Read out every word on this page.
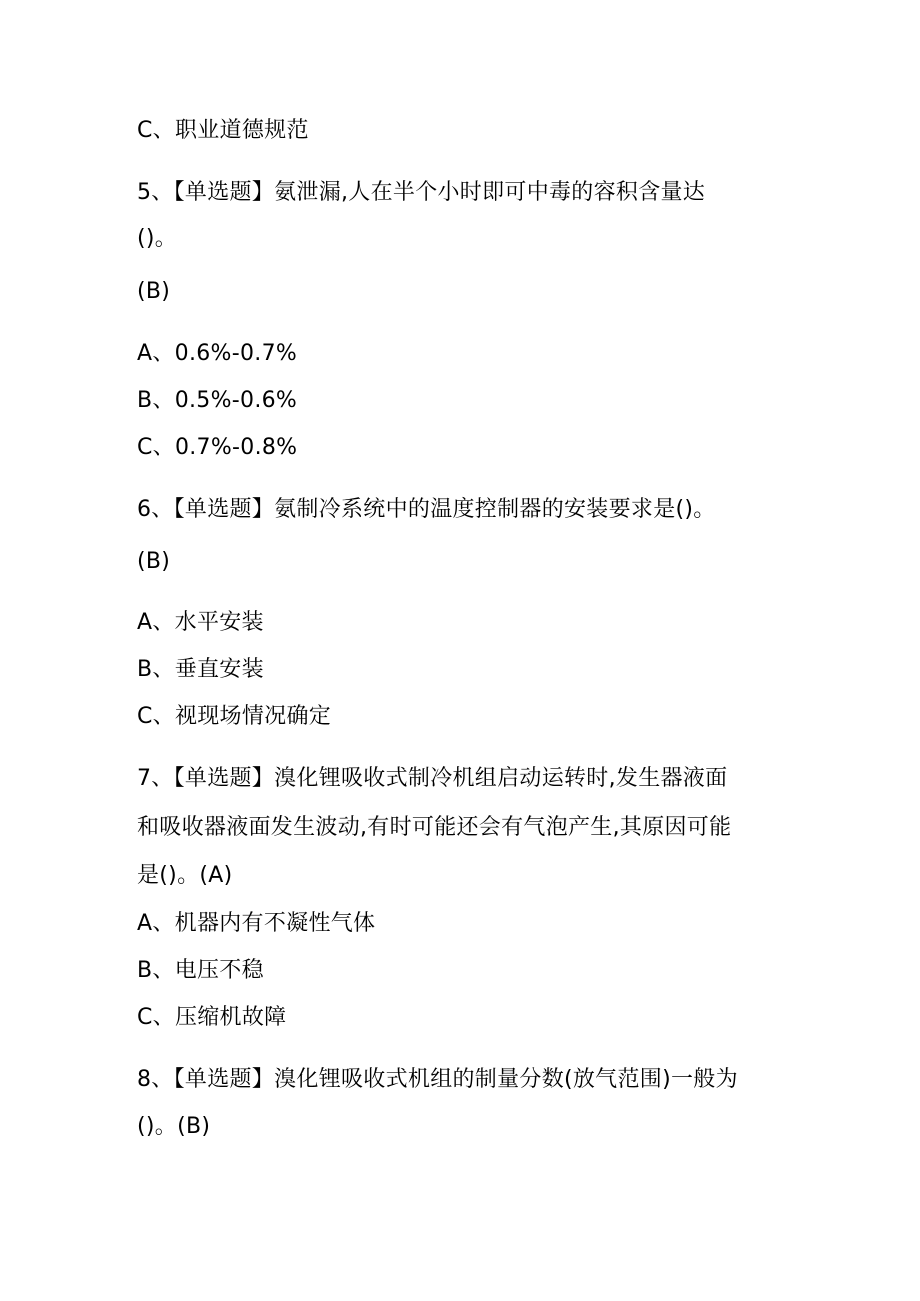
C、职业道德规范
5、【单选题】氨泄漏,人在半个小时即可中毒的容积含量达
()。
(B)
A、0.6%-0.7%
B、0.5%-0.6%
C、0.7%-0.8%
6、【单选题】氨制冷系统中的温度控制器的安装要求是()。
(B)
A、水平安装
B、垂直安装
C、视现场情况确定
7、【单选题】溴化锂吸收式制冷机组启动运转时,发生器液面
和吸收器液面发生波动,有时可能还会有气泡产生,其原因可能
是()。(A)
A、机器内有不凝性气体
B、电压不稳
C、压缩机故障
8、【单选题】溴化锂吸收式机组的制量分数(放气范围)一般为
()。(B)
